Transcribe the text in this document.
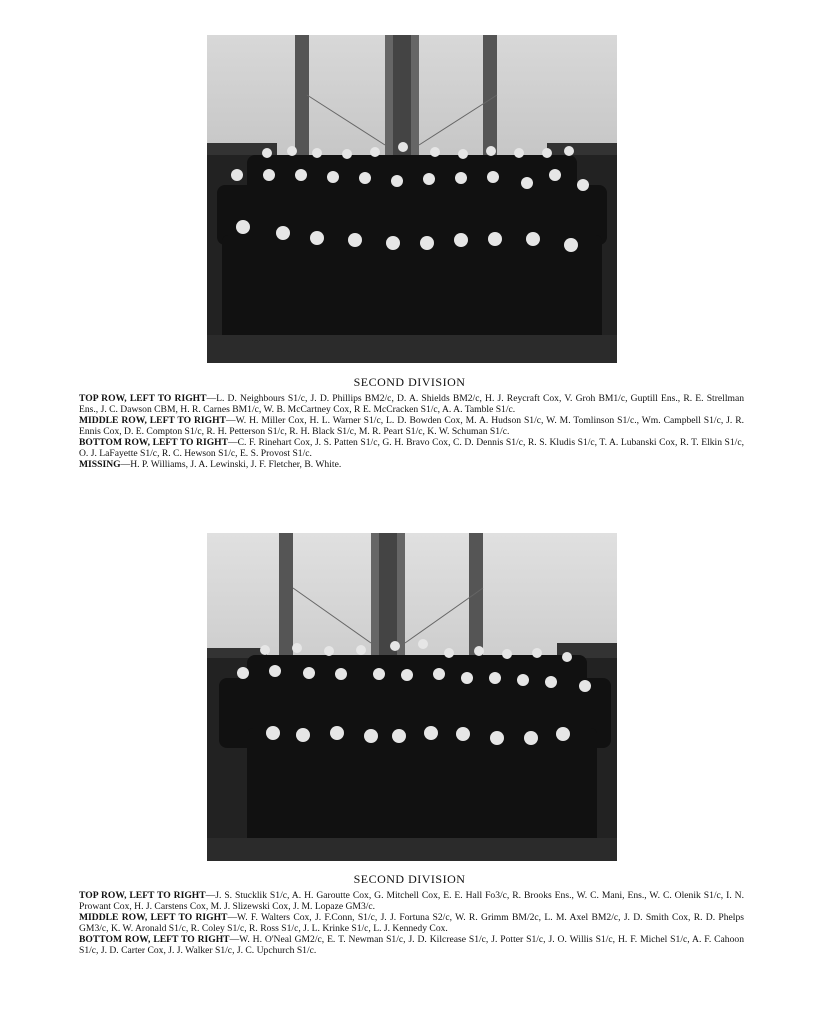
SECOND DIVISION

TOP ROW, LEFT TO RIGHT—L. D. Neighbours S1/c, J. D. Phillips BM2/c, D. A. Shields BM2/c, H. J. Reycraft Cox, V. Groh BM1/c, Guptill Ens., R. E. Strellman Ens., J. C. Dawson CBM, H. R. Carnes BM1/c, W. B. McCartney Cox, R E. McCracken S1/c, A. A. Tamble S1/c.

MIDDLE ROW, LEFT TO RIGHT—W. H. Miller Cox, H. L. Warner S1/c, L. D. Bowden Cox, M. A. Hudson S1/c, W. M. Tomlinson S1/c., Wm. Campbell S1/c, J. R. Ennis Cox, D. E. Compton S1/c, R. H. Petterson S1/c, R. H. Black S1/c, M. R. Peart S1/c, K. W. Schuman S1/c.

BOTTOM ROW, LEFT TO RIGHT—C. F. Rinehart Cox, J. S. Patten S1/c, G. H. Bravo Cox, C. D. Dennis S1/c, R. S. Kludis S1/c, T. A. Lubanski Cox, R. T. Elkin S1/c, O. J. LaFayette S1/c, R. C. Hewson S1/c, E. S. Provost S1/c.

MISSING—H. P. Williams, J. A. Lewinski, J. F. Fletcher, B. White.

SECOND DIVISION

TOP ROW, LEFT TO RIGHT—J. S. Stucklik S1/c, A. H. Garoutte Cox, G. Mitchell Cox, E. E. Hall Fo3/c, R. Brooks Ens., W. C. Mani, Ens., W. C. Olenik S1/c, I. N. Prowant Cox, H. J. Carstens Cox, M. J. Slizewski Cox, J. M. Lopaze GM3/c.

MIDDLE ROW, LEFT TO RIGHT—W. F. Walters Cox, J. F.Conn, S1/c, J. J. Fortuna S2/c, W. R. Grimm BM/2c, L. M. Axel BM2/c, J. D. Smith Cox, R. D. Phelps GM3/c, K. W. Aronald S1/c, R. Coley S1/c, R. Ross S1/c, J. L. Krinke S1/c, L. J. Kennedy Cox.

BOTTOM ROW, LEFT TO RIGHT—W. H. O'Neal GM2/c, E. T. Newman S1/c, J. D. Kilcrease S1/c, J. Potter S1/c, J. O. Willis S1/c, H. F. Michel S1/c, A. F. Cahoon S1/c, J. D. Carter Cox, J. J. Walker S1/c, J. C. Upchurch S1/c.
